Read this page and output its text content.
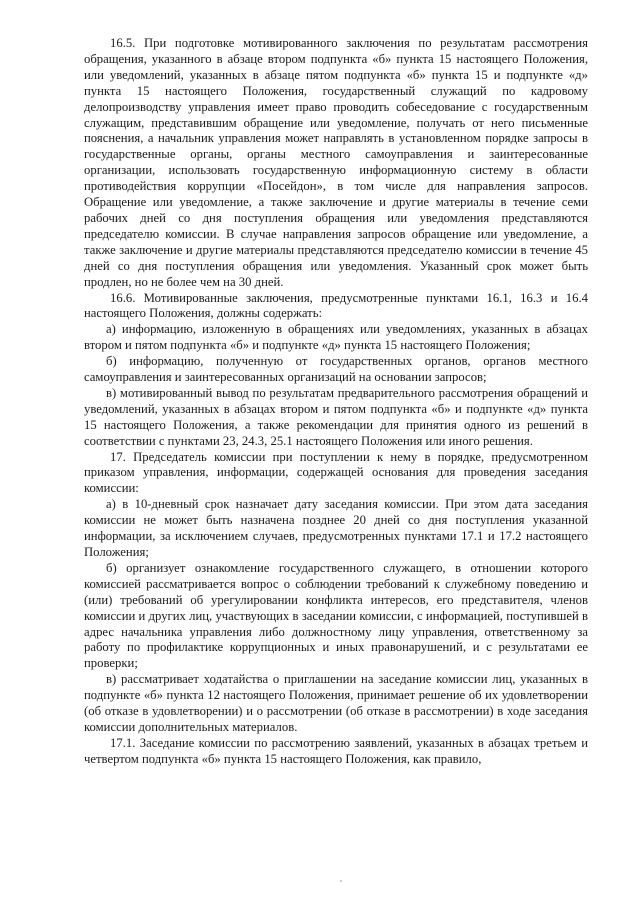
16.5. При подготовке мотивированного заключения по результатам рассмотрения обращения, указанного в абзаце втором подпункта «б» пункта 15 настоящего Положения, или уведомлений, указанных в абзаце пятом подпункта «б» пункта 15 и подпункте «д» пункта 15 настоящего Положения, государственный служащий по кадровому делопроизводству управления имеет право проводить собеседование с государственным служащим, представившим обращение или уведомление, получать от него письменные пояснения, а начальник управления может направлять в установленном порядке запросы в государственные органы, органы местного самоуправления и заинтересованные организации, использовать государственную информационную систему в области противодействия коррупции «Посейдон», в том числе для направления запросов. Обращение или уведомление, а также заключение и другие материалы в течение семи рабочих дней со дня поступления обращения или уведомления представляются председателю комиссии. В случае направления запросов обращение или уведомление, а также заключение и другие материалы представляются председателю комиссии в течение 45 дней со дня поступления обращения или уведомления. Указанный срок может быть продлен, но не более чем на 30 дней.

16.6. Мотивированные заключения, предусмотренные пунктами 16.1, 16.3 и 16.4 настоящего Положения, должны содержать:

а) информацию, изложенную в обращениях или уведомлениях, указанных в абзацах втором и пятом подпункта «б» и подпункте «д» пункта 15 настоящего Положения;

б) информацию, полученную от государственных органов, органов местного самоуправления и заинтересованных организаций на основании запросов;

в) мотивированный вывод по результатам предварительного рассмотрения обращений и уведомлений, указанных в абзацах втором и пятом подпункта «б» и подпункте «д» пункта 15 настоящего Положения, а также рекомендации для принятия одного из решений в соответствии с пунктами 23, 24.3, 25.1 настоящего Положения или иного решения.

17. Председатель комиссии при поступлении к нему в порядке, предусмотренном приказом управления, информации, содержащей основания для проведения заседания комиссии:

а) в 10-дневный срок назначает дату заседания комиссии. При этом дата заседания комиссии не может быть назначена позднее 20 дней со дня поступления указанной информации, за исключением случаев, предусмотренных пунктами 17.1 и 17.2 настоящего Положения;

б) организует ознакомление государственного служащего, в отношении которого комиссией рассматривается вопрос о соблюдении требований к служебному поведению и (или) требований об урегулировании конфликта интересов, его представителя, членов комиссии и других лиц, участвующих в заседании комиссии, с информацией, поступившей в адрес начальника управления либо должностному лицу управления, ответственному за работу по профилактике коррупционных и иных правонарушений, и с результатами ее проверки;

в) рассматривает ходатайства о приглашении на заседание комиссии лиц, указанных в подпункте «б» пункта 12 настоящего Положения, принимает решение об их удовлетворении (об отказе в удовлетворении) и о рассмотрении (об отказе в рассмотрении) в ходе заседания комиссии дополнительных материалов.

17.1. Заседание комиссии по рассмотрению заявлений, указанных в абзацах третьем и четвертом подпункта «б» пункта 15 настоящего Положения, как правило,
